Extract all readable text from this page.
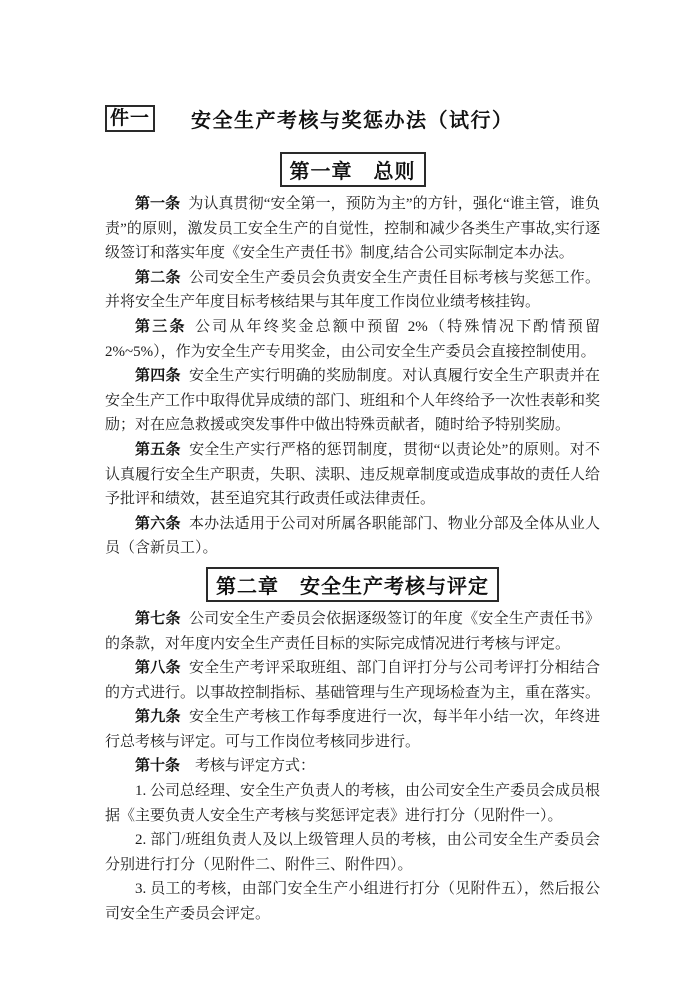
件一 安全生产考核与奖惩办法（试行）
第一章　总则

第一条 为认真贯彻“安全第一，预防为主”的方针，强化“谁主管，谁负责”的原则，激发员工安全生产的自觉性，控制和减少各类生产事故,实行逐级签订和落实年度《安全生产责任书》制度,结合公司实际制定本办法。

第二条 公司安全生产委员会负责安全生产责任目标考核与奖惩工作。并将安全生产年度目标考核结果与其年度工作岗位业绩考核挂钩。

第三条 公司从年终奖金总额中预留 2%（特殊情况下酌情预留 2%~5%），作为安全生产专用奖金，由公司安全生产委员会直接控制使用。

第四条 安全生产实行明确的奖励制度。对认真履行安全生产职责并在安全生产工作中取得优异成绩的部门、班组和个人年终给予一次性表彰和奖励；对在应急救援或突发事件中做出特殊贡献者，随时给予特别奖励。

第五条 安全生产实行严格的惩罚制度，贯彻“以责论处”的原则。对不认真履行安全生产职责，失职、渎职、违反规章制度或造成事故的责任人给予批评和绩效，甚至追究其行政责任或法律责任。

第六条 本办法适用于公司对所属各职能部门、物业分部及全体从业人员（含新员工）。

第二章　安全生产考核与评定

第七条 公司安全生产委员会依据逐级签订的年度《安全生产责任书》的条款，对年度内安全生产责任目标的实际完成情况进行考核与评定。

第八条 安全生产考评采取班组、部门自评打分与公司考评打分相结合的方式进行。以事故控制指标、基础管理与生产现场检查为主，重在落实。

第九条 安全生产考核工作每季度进行一次，每半年小结一次，年终进行总考核与评定。可与工作岗位考核同步进行。

第十条 考核与评定方式：

1. 公司总经理、安全生产负责人的考核，由公司安全生产委员会成员根据《主要负责人安全生产考核与奖惩评定表》进行打分（见附件一）。

2. 部门/班组负责人及以上级管理人员的考核，由公司安全生产委员会分别进行打分（见附件二、附件三、附件四）。

3. 员工的考核，由部门安全生产小组进行打分（见附件五），然后报公司安全生产委员会评定。
